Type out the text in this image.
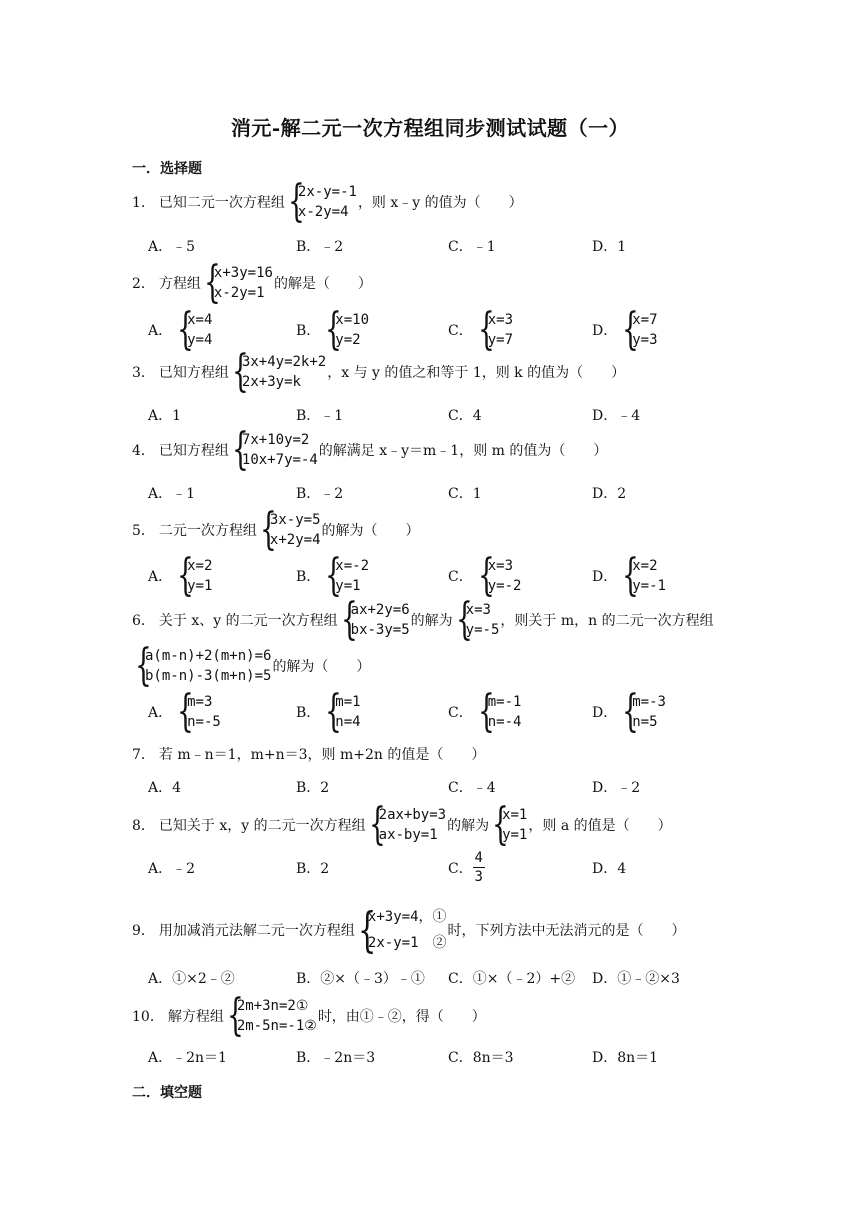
消元-解二元一次方程组同步测试试题（一）
一．选择题
1． 已知二元一次方程组 {
2x-y=-1
x-2y=4
，则 x﹣y 的值为（　　）
A．﹣5	B．﹣2	C．﹣1	D．1
2． 方程组 {
x+3y=16
x-2y=1
的解是（　　）
A． {
x=4
y=4
B． {
x=10
y=2
C． {
x=3
y=7
D． {
x=7
y=3
3． 已知方程组 {
3x+4y=2k+2
2x+3y=k
，x 与 y 的值之和等于 1，则 k 的值为（　　）
A．1	B．﹣1	C．4	D．﹣4
4． 已知方程组 {
7x+10y=2
10x+7y=-4
的解满足 x﹣y＝m﹣1，则 m 的值为（　　）
A．﹣1	B．﹣2	C．1	D．2
5． 二元一次方程组 {
3x-y=5
x+2y=4
的解为（　　）
A． {
x=2
y=1
B． {
x=-2
y=1
C． {
x=3
y=-2
D． {
x=2
y=-1
6． 关于 x、y 的二元一次方程组 {
ax+2y=6
bx-3y=5
的解为 {
x=3
y=-5
，则关于 m，n 的二元一次方程组
{
a(m-n)+2(m+n)=6
b(m-n)-3(m+n)=5
的解为（　　）
A． {
m=3
n=-5
B． {
m=1
n=4
C． {
m=-1
n=-4
D． {
m=-3
n=5
7． 若 m﹣n＝1，m+n＝3，则 m+2n 的值是（　　）
A．4	B．2	C．﹣4	D．﹣2
8． 已知关于 x，y 的二元一次方程组 {
2ax+by=3
ax-by=1
的解为 {
x=1
y=1
，则 a 的值是（　　）
A．﹣2	B．2	C． $\frac{4}{3}$	D．4
9． 用加减消元法解二元一次方程组 {
x+3y=4，①
2x-y=1　②
时，下列方法中无法消元的是（　　）
A．①×2﹣②	B．②×（﹣3）﹣① C．①×（﹣2）+② D．①﹣②×3
10． 解方程组 {
2m+3n=2①
2m-5n=-1②
时，由①﹣②，得（　　）
A．﹣2n＝1	B．﹣2n＝3	C．8n＝3	D．8n＝1
二．填空题
